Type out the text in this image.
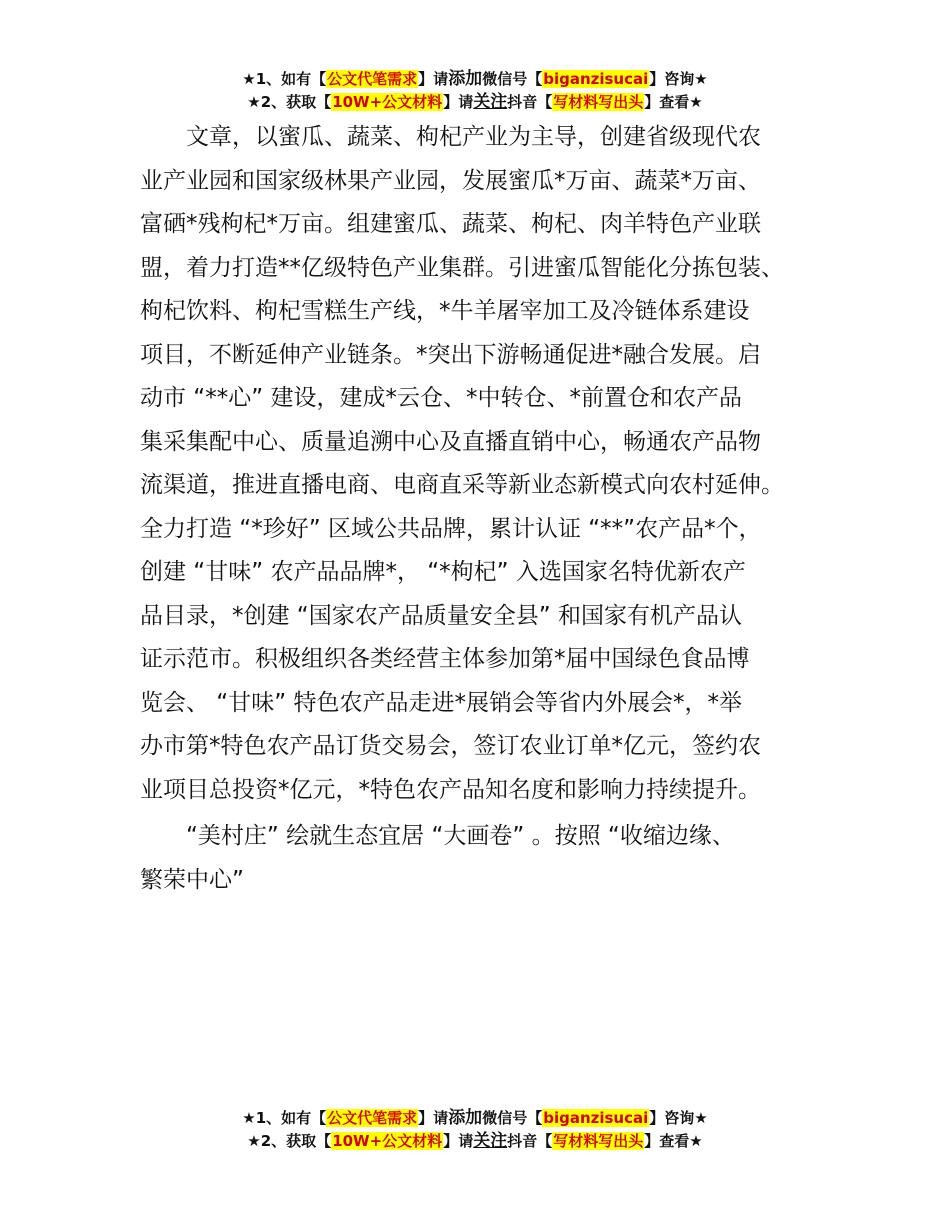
★1、如有【公文代笔需求】请添加微信号【biganzisucai】咨询★
★2、获取【10W+公文材料】请关注抖音【写材料写出头】查看★

文章，以蜜瓜、蔬菜、枸杞产业为主导，创建省级现代农
业产业园和国家级林果产业园，发展蜜瓜*万亩、蔬菜*万亩、
富硒*残枸杞*万亩。组建蜜瓜、蔬菜、枸杞、肉羊特色产业联
盟，着力打造**亿级特色产业集群。引进蜜瓜智能化分拣包装、
枸杞饮料、枸杞雪糕生产线，*牛羊屠宰加工及冷链体系建设
项目，不断延伸产业链条。*突出下游畅通促进*融合发展。启
动市 “**心” 建设，建成*云仓、*中转仓、*前置仓和农产品
集采集配中心、质量追溯中心及直播直销中心，畅通农产品物
流渠道，推进直播电商、电商直采等新业态新模式向农村延伸。
全力打造 “*珍好” 区域公共品牌，累计认证 “**”农产品*个，
创建 “甘味” 农产品品牌*， “*枸杞” 入选国家名特优新农产
品目录，*创建 “国家农产品质量安全县” 和国家有机产品认
证示范市。积极组织各类经营主体参加第*届中国绿色食品博
览会、 “甘味” 特色农产品走进*展销会等省内外展会*，*举
办市第*特色农产品订货交易会，签订农业订单*亿元，签约农
业项目总投资*亿元，*特色农产品知名度和影响力持续提升。

“美村庄” 绘就生态宜居 “大画卷” 。按照 “收缩边缘、
繁荣中心”

★1、如有【公文代笔需求】请添加微信号【biganzisucai】咨询★
★2、获取【10W+公文材料】请关注抖音【写材料写出头】查看★
